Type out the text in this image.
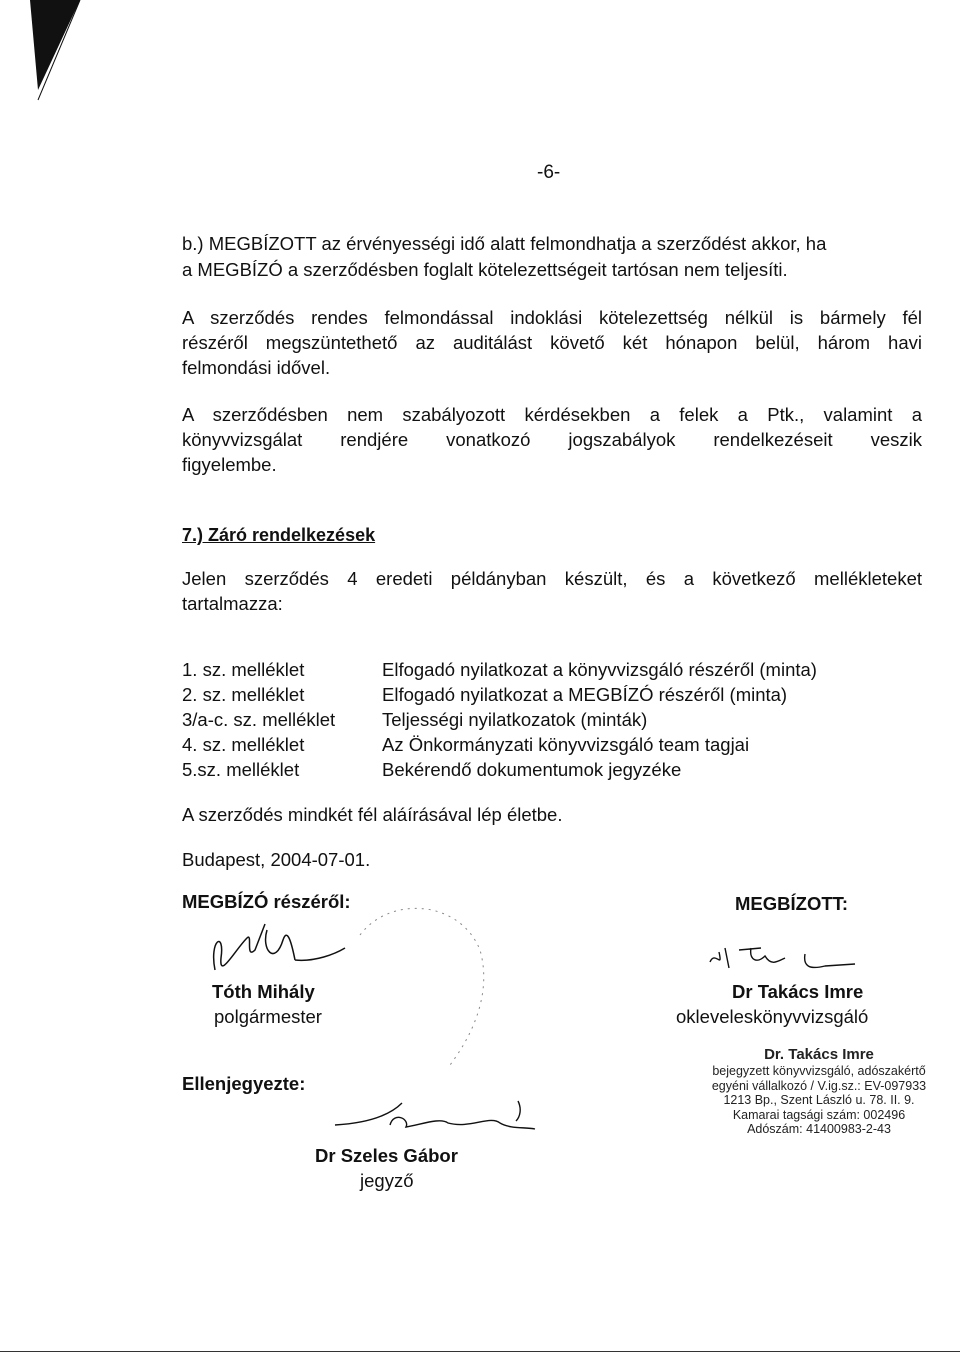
-6-
b.) MEGBÍZOTT az érvényességi idő alatt felmondhatja a szerződést akkor, ha
a MEGBÍZÓ a szerződésben foglalt kötelezettségeit tartósan nem teljesíti.
A szerződés rendes felmondással indoklási kötelezettség nélkül is bármely fél
részéről megszüntethető az auditálást követő két hónapon belül, három havi
felmondási idővel.
A szerződésben nem szabályozott kérdésekben a felek a Ptk., valamint a
könyvvizsgálat rendjére vonatkozó jogszabályok rendelkezéseit veszik
figyelembe.
7.) Záró rendelkezések
Jelen szerződés 4 eredeti példányban készült, és a következő mellékleteket
tartalmazza:
1. sz. melléklet	Elfogadó nyilatkozat a könyvvizsgáló részéről (minta)
2. sz. melléklet	Elfogadó nyilatkozat a MEGBÍZÓ részéről (minta)
3/a-c. sz. melléklet	Teljességi nyilatkozatok (minták)
4. sz. melléklet	Az Önkormányzati könyvvizsgáló team tagjai
5.sz. melléklet	Bekérendő dokumentumok jegyzéke
A szerződés mindkét fél aláírásával lép életbe.
Budapest, 2004-07-01.
MEGBÍZÓ részéről:
Tóth Mihály
polgármester
MEGBÍZOTT:
Dr Takács Imre
okleveleskönyvvizsgáló
Dr. Takács Imre
bejegyzett könyvvizsgáló, adószakértő
egyéni vállalkozó / V.ig.sz.: EV-097933
1213 Bp., Szent László u. 78. II. 9.
Kamarai tagsági szám: 002496
Adószám: 41400983-2-43
Ellenjegyezte:
Dr Szeles Gábor
jegyző
